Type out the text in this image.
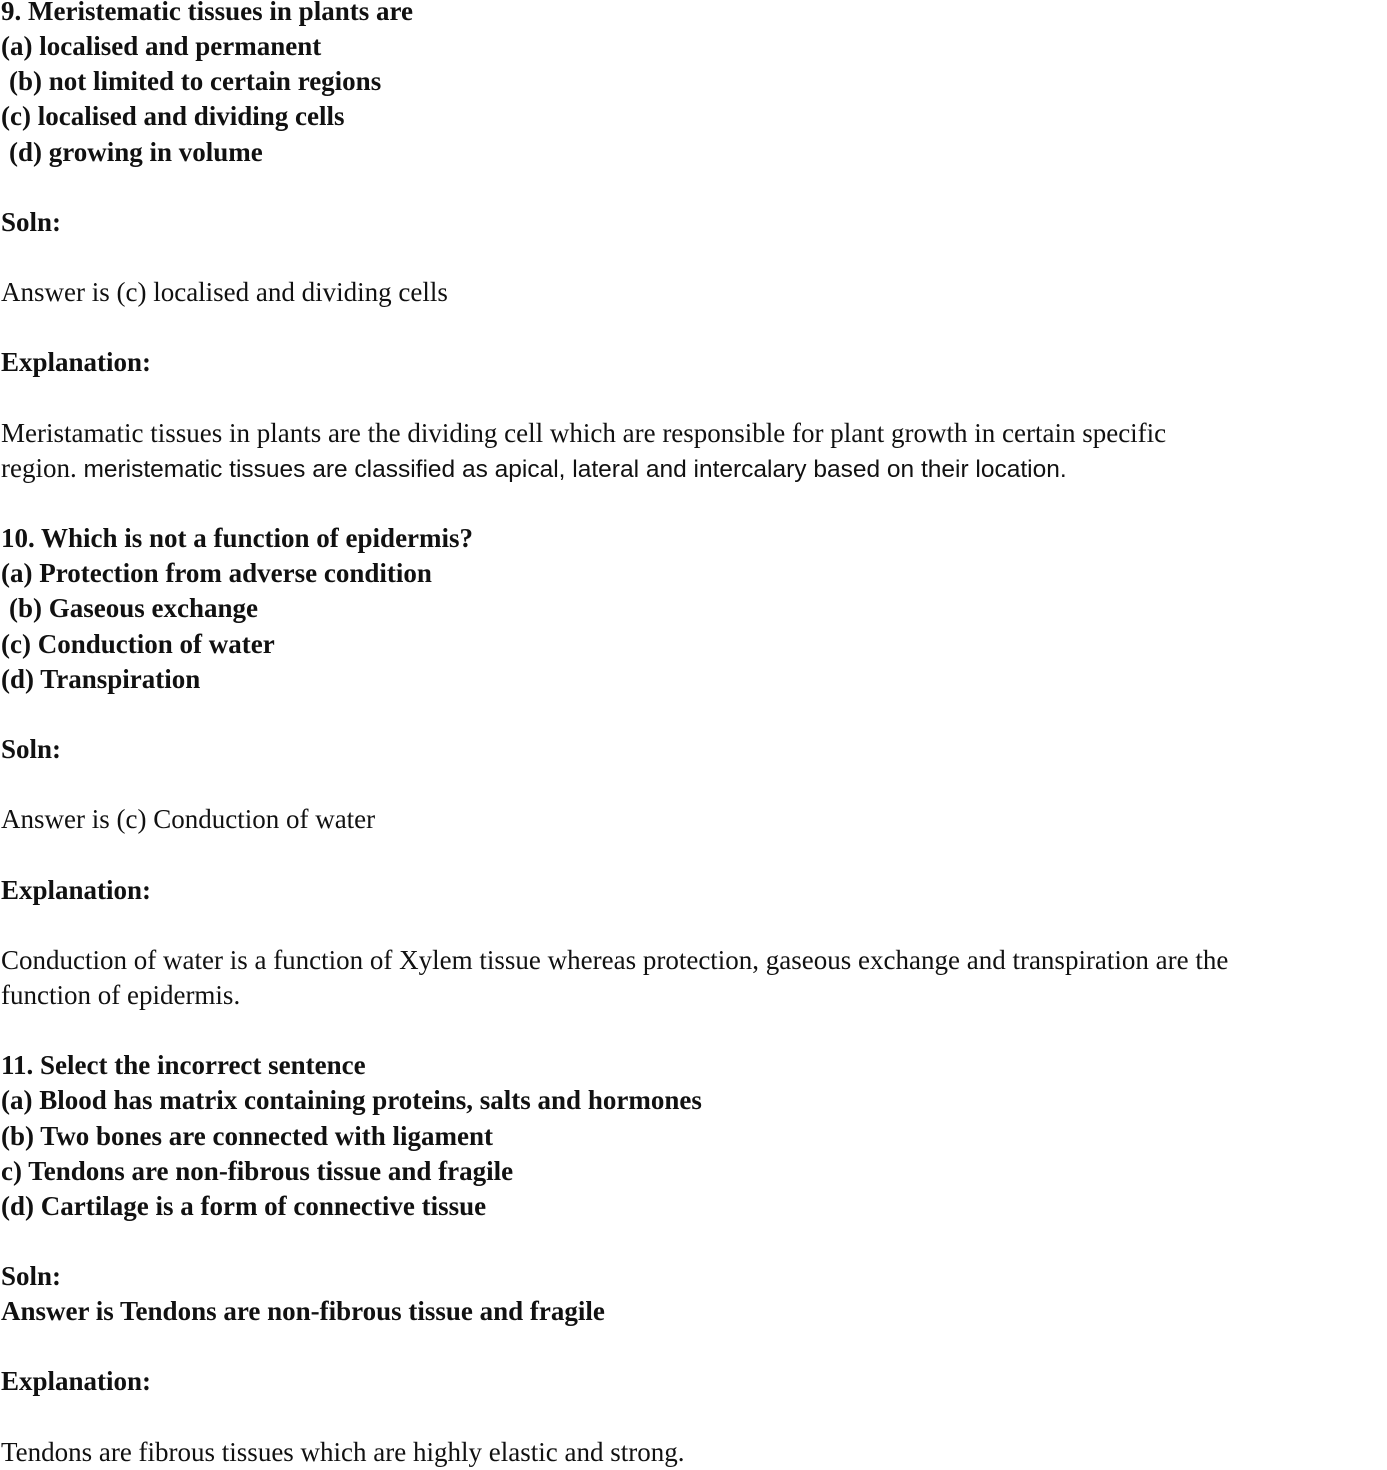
9. Meristematic tissues in plants are
(a) localised and permanent
(b) not limited to certain regions
(c) localised and dividing cells
(d) growing in volume
Soln:
Answer is (c) localised and dividing cells
Explanation:
Meristamatic tissues in plants are the dividing cell which are responsible for plant growth in certain specific
region. meristematic tissues are classified as apical, lateral and intercalary based on their location.
10. Which is not a function of epidermis?
(a) Protection from adverse condition
(b) Gaseous exchange
(c) Conduction of water
(d) Transpiration
Soln:
Answer is (c) Conduction of water
Explanation:
Conduction of water is a function of Xylem tissue whereas protection, gaseous exchange and transpiration are the
function of epidermis.
11. Select the incorrect sentence
(a) Blood has matrix containing proteins, salts and hormones
(b) Two bones are connected with ligament
c) Tendons are non-fibrous tissue and fragile
(d) Cartilage is a form of connective tissue
Soln:
Answer is Tendons are non-fibrous tissue and fragile
Explanation:
Tendons are fibrous tissues which are highly elastic and strong.
